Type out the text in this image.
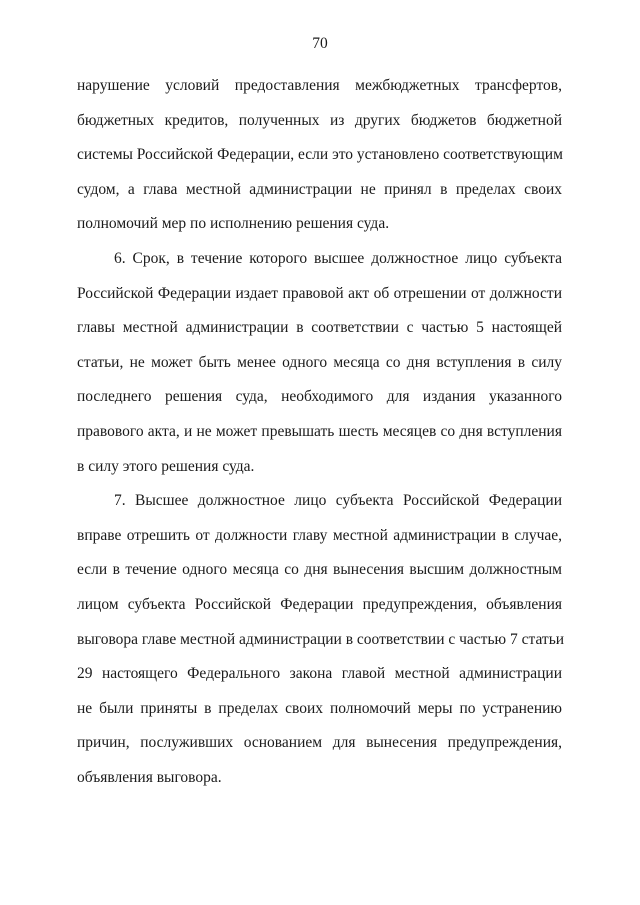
70
нарушение условий предоставления межбюджетных трансфертов,
бюджетных кредитов, полученных из других бюджетов бюджетной
системы Российской Федерации, если это установлено соответствующим
судом, а глава местной администрации не принял в пределах своих
полномочий мер по исполнению решения суда.
6. Срок, в течение которого высшее должностное лицо субъекта
Российской Федерации издает правовой акт об отрешении от должности
главы местной администрации в соответствии с частью 5 настоящей
статьи, не может быть менее одного месяца со дня вступления в силу
последнего решения суда, необходимого для издания указанного
правового акта, и не может превышать шесть месяцев со дня вступления
в силу этого решения суда.
7. Высшее должностное лицо субъекта Российской Федерации
вправе отрешить от должности главу местной администрации в случае,
если в течение одного месяца со дня вынесения высшим должностным
лицом субъекта Российской Федерации предупреждения, объявления
выговора главе местной администрации в соответствии с частью 7 статьи
29 настоящего Федерального закона главой местной администрации
не были приняты в пределах своих полномочий меры по устранению
причин, послуживших основанием для вынесения предупреждения,
объявления выговора.
